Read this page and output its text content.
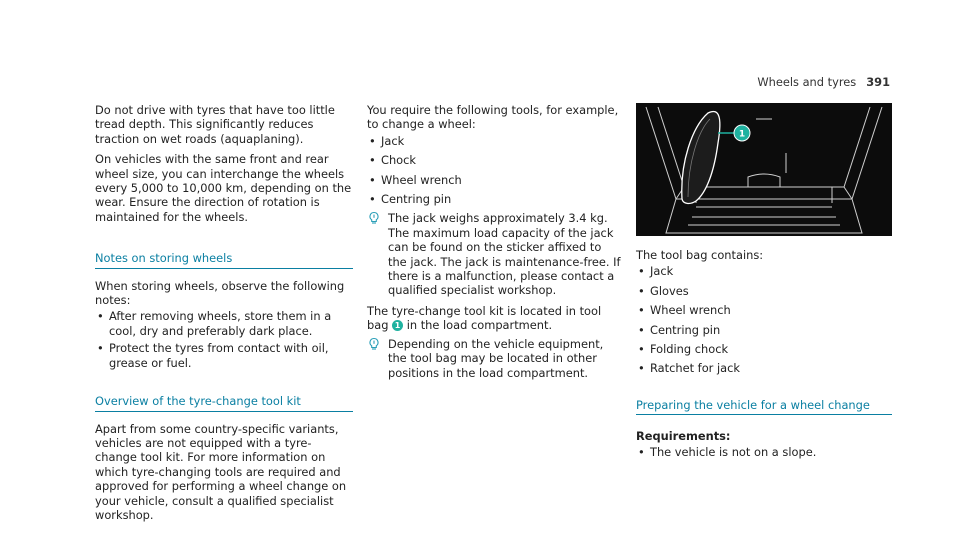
Wheels and tyres 391

Do not drive with tyres that have too little tread depth. This significantly reduces traction on wet roads (aquaplaning).

On vehicles with the same front and rear wheel size, you can interchange the wheels every 5,000 to 10,000 km, depending on the wear. Ensure the direction of rotation is maintained for the wheels.

Notes on storing wheels

When storing wheels, observe the following notes:

• After removing wheels, store them in a cool, dry and preferably dark place.
• Protect the tyres from contact with oil, grease or fuel.
Overview of the tyre-change tool kit

Apart from some country-specific variants, vehicles are not equipped with a tyre-change tool kit. For more information on which tyre-changing tools are required and approved for performing a wheel change on your vehicle, consult a qualified specialist workshop.

You require the following tools, for example, to change a wheel:

• Jack
• Chock
• Wheel wrench
• Centring pin
The jack weighs approximately 3.4 kg. The maximum load capacity of the jack can be found on the sticker affixed to the jack. The jack is maintenance-free. If there is a malfunction, please contact a qualified specialist workshop.

The tyre-change tool kit is located in tool bag 1 in the load compartment.

Depending on the vehicle equipment, the tool bag may be located in other positions in the load compartment.
1

The tool bag contains:

• Jack
• Gloves
• Wheel wrench
• Centring pin
• Folding chock
• Ratchet for jack
Preparing the vehicle for a wheel change
Requirements:
• The vehicle is not on a slope.
